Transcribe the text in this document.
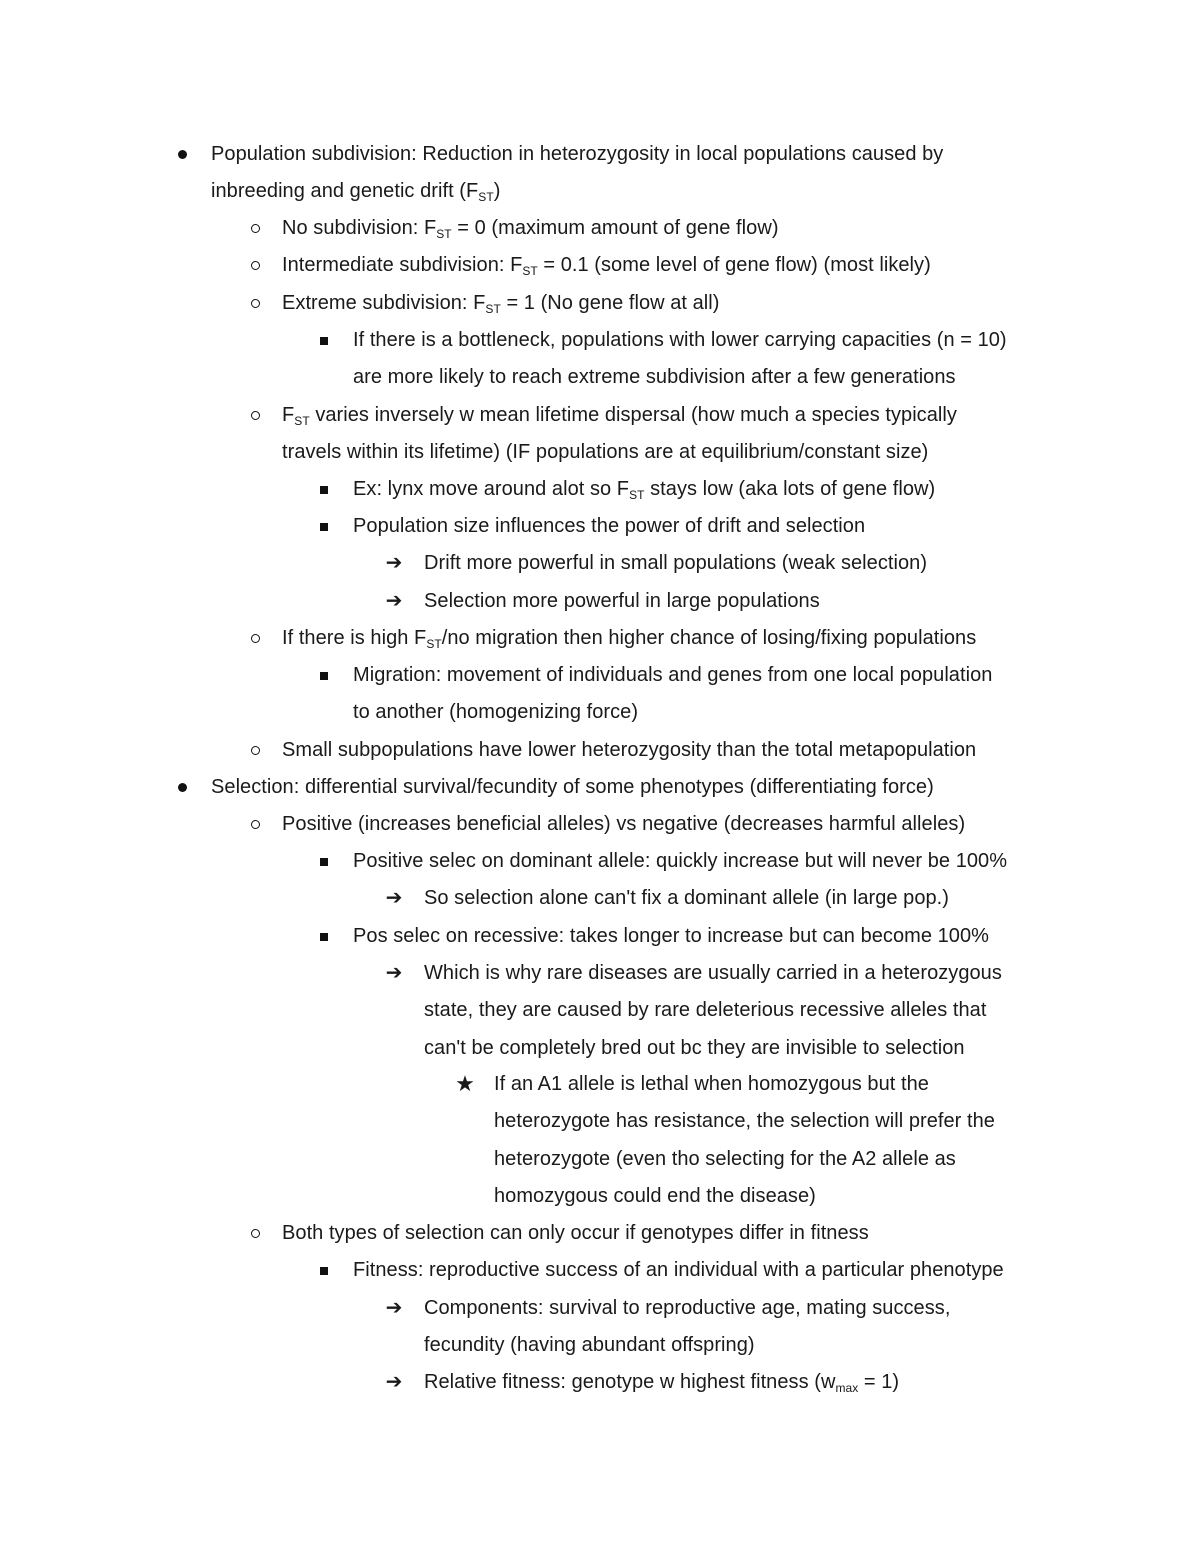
Population subdivision: Reduction in heterozygosity in local populations caused by
inbreeding and genetic drift $(F_{ST})$
No subdivision: $F_{ST} = 0$ (maximum amount of gene flow)
Intermediate subdivision: $F_{ST} = 0.1$ (some level of gene flow) (most likely)
Extreme subdivision: $F_{ST} = 1$ (No gene flow at all)
If there is a bottleneck, populations with lower carrying capacities (n = 10)
are more likely to reach extreme subdivision after a few generations
$F_{ST}$ varies inversely w mean lifetime dispersal (how much a species typically
travels within its lifetime) (IF populations are at equilibrium/constant size)
Ex: lynx move around alot so $F_{ST}$ stays low (aka lots of gene flow)
Population size influences the power of drift and selection
➔ Drift more powerful in small populations (weak selection)
➔ Selection more powerful in large populations
If there is high $F_{ST}/no$ migration then higher chance of losing/fixing populations
Migration: movement of individuals and genes from one local population
to another (homogenizing force)
Small subpopulations have lower heterozygosity than the total metapopulation
Selection: differential survival/fecundity of some phenotypes (differentiating force)
Positive (increases beneficial alleles) vs negative (decreases harmful alleles)
Positive selec on dominant allele: quickly increase but will never be 100%
➔ So selection alone can't fix a dominant allele (in large pop.)
Pos selec on recessive: takes longer to increase but can become 100%
➔ Which is why rare diseases are usually carried in a heterozygous
state, they are caused by rare deleterious recessive alleles that
can't be completely bred out bc they are invisible to selection
★ If an A1 allele is lethal when homozygous but the
heterozygote has resistance, the selection will prefer the
heterozygote (even tho selecting for the A2 allele as
homozygous could end the disease)
Both types of selection can only occur if genotypes differ in fitness
Fitness: reproductive success of an individual with a particular phenotype
➔ Components: survival to reproductive age, mating success,
fecundity (having abundant offspring)
➔ Relative fitness: genotype w highest fitness $(w_{max} = 1)$
